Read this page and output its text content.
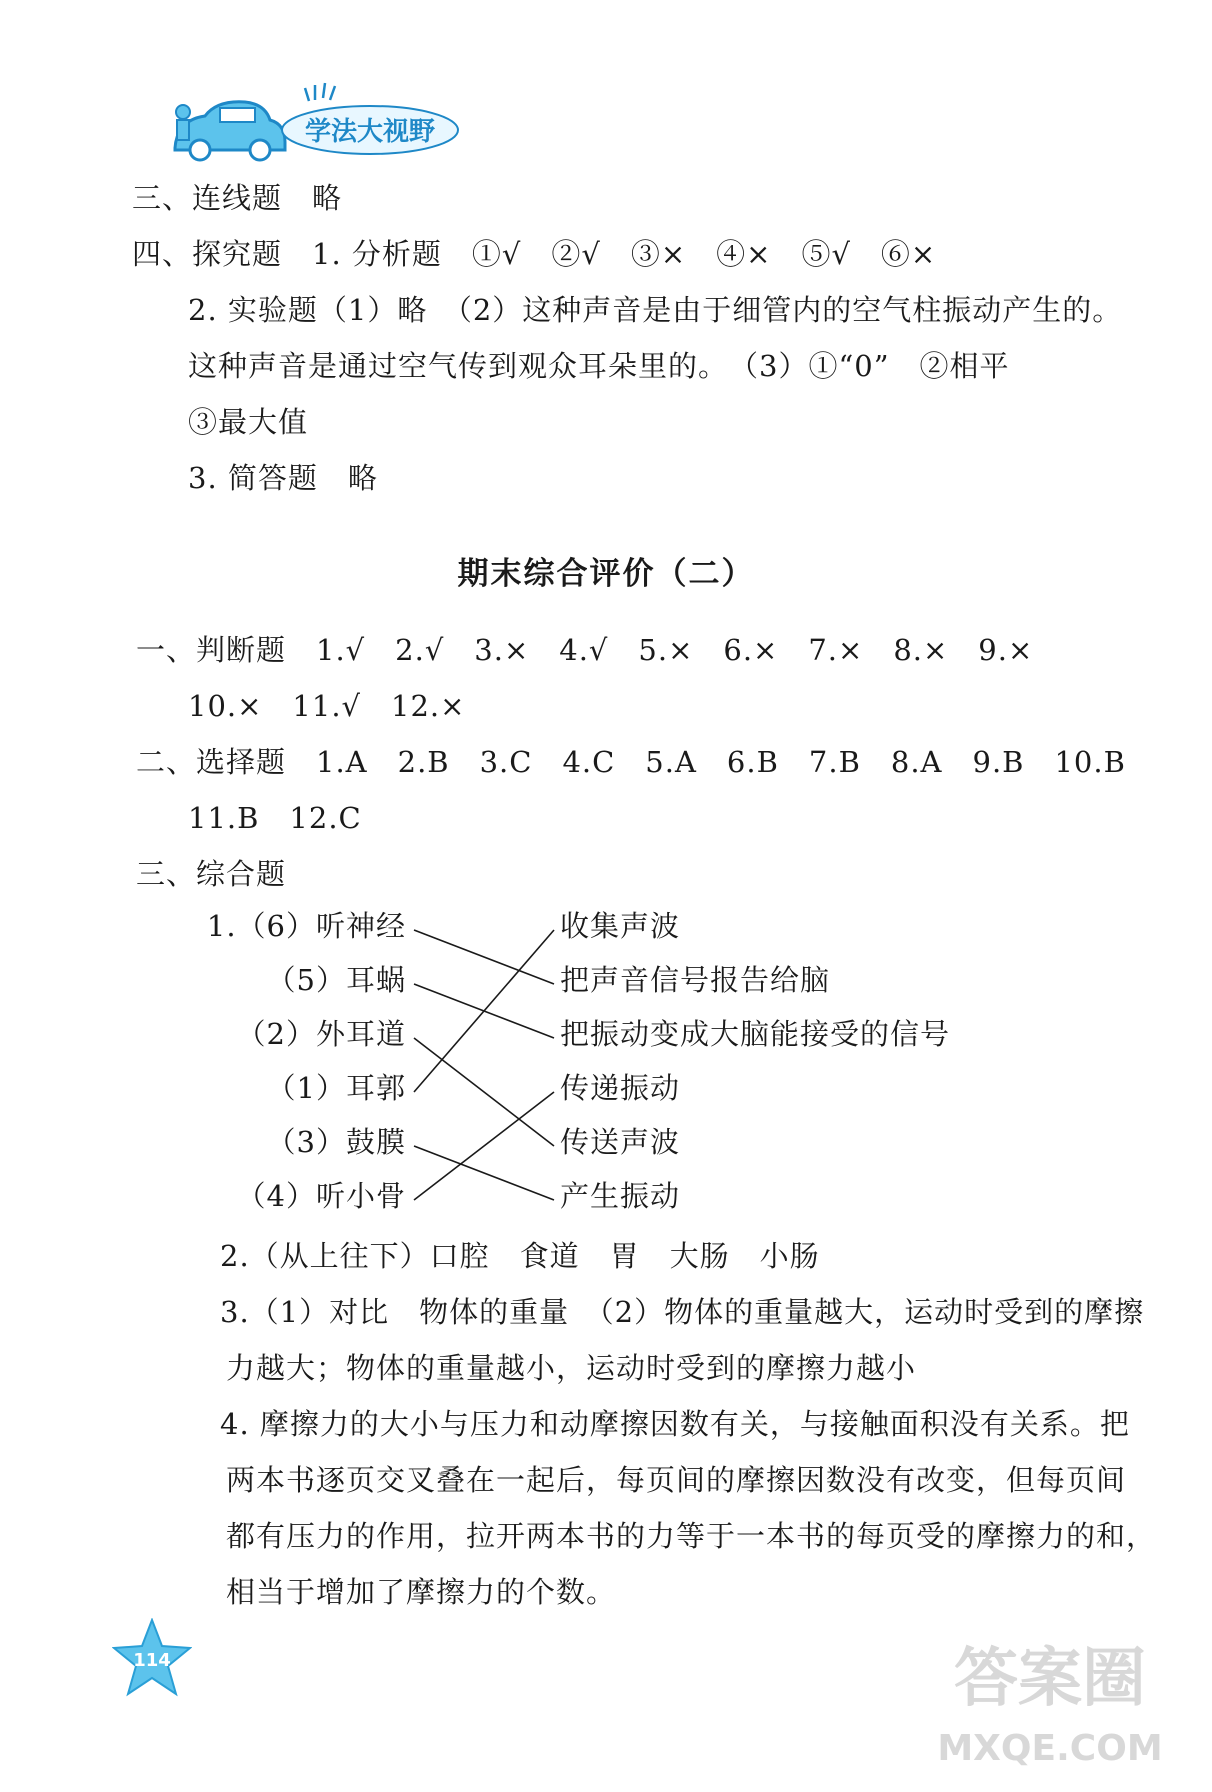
学法大视野
三、连线题　略
四、探究题　1. 分析题　①√　②√　③×　④×　⑤√　⑥×
2. 实验题（1）略　（2）这种声音是由于细管内的空气柱振动产生的。
这种声音是通过空气传到观众耳朵里的。　（3）①“0”　②相平
③最大值
3. 简答题　略
期末综合评价（二）
一、判断题　1.√　2.√　3.×　4.√　5.×　6.×　7.×　8.×　9.×
10.×　11.√　12.×
二、选择题　1.A　2.B　3.C　4.C　5.A　6.B　7.B　8.A　9.B　10.B
11.B　12.C
三、综合题
1.（6）听神经
（5）耳蜗
（2）外耳道
（1）耳郭
（3）鼓膜
（4）听小骨
收集声波
把声音信号报告给脑
把振动变成大脑能接受的信号
传递振动
传送声波
产生振动
2.（从上往下）口腔　食道　胃　大肠　小肠
3.（1）对比　物体的重量　（2）物体的重量越大，运动时受到的摩擦
力越大；物体的重量越小，运动时受到的摩擦力越小
4. 摩擦力的大小与压力和动摩擦因数有关，与接触面积没有关系。把
两本书逐页交叉叠在一起后，每页间的摩擦因数没有改变，但每页间
都有压力的作用，拉开两本书的力等于一本书的每页受的摩擦力的和，
相当于增加了摩擦力的个数。
114	答案圈
MXQE.COM
